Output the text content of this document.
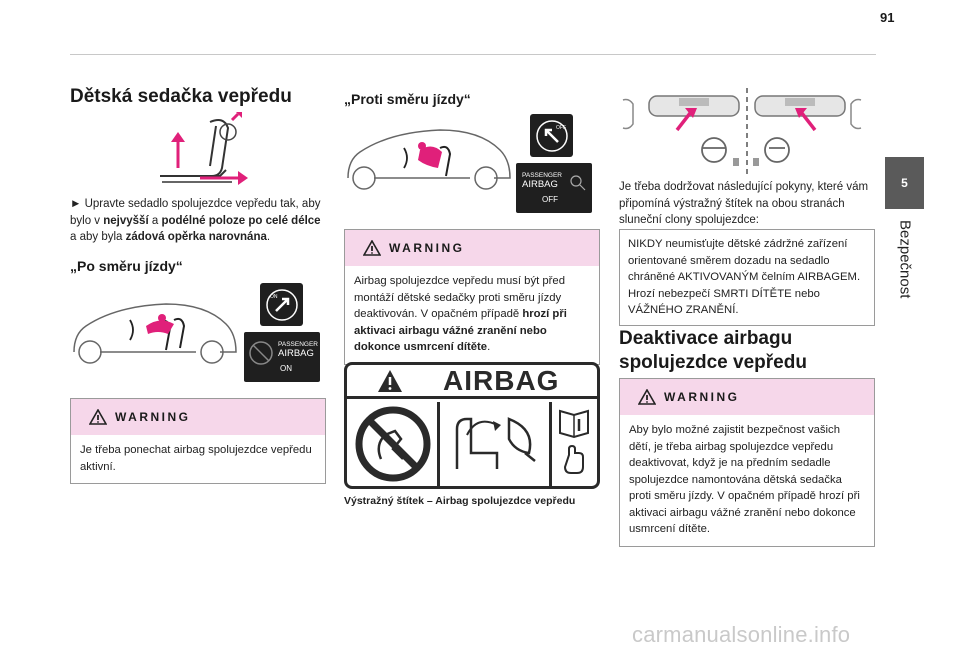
91
5
Bezpečnost
Dětská sedačka vepředu

► Upravte sedadlo spolujezdce vepředu tak, aby bylo v nejvyšší a podélné poloze po celé délce a aby byla zádová opěrka narovnána.

„Po směru jízdy“
ON
PASSENGER
AIRBAG
ON
WARNING
Je třeba ponechat airbag spolujezdce vepředu aktivní.
„Proti směru jízdy“
OFF
PASSENGER
AIRBAG
OFF
WARNING
Airbag spolujezdce vepředu musí být před montáží dětské sedačky proti směru jízdy deaktivován. V opačném případě hrozí při aktivaci airbagu vážné zranění nebo dokonce usmrcení dítěte.
AIRBAG
Výstražný štítek – Airbag spolujezdce vepředu

Je třeba dodržovat následující pokyny, které vám připomíná výstražný štítek na obou stranách sluneční clony spolujezdce:

NIKDY neumisťujte dětské zádržné zařízení orientované směrem dozadu na sedadlo chráněné AKTIVOVANÝM čelním AIRBAGEM. Hrozí nebezpečí SMRTI DÍTĚTE nebo VÁŽNÉHO ZRANĚNÍ.
Deaktivace airbagu spolujezdce vepředu
WARNING
Aby bylo možné zajistit bezpečnost vašich dětí, je třeba airbag spolujezdce vepředu deaktivovat, když je na předním sedadle spolujezdce namontována dětská sedačka proti směru jízdy. V opačném případě hrozí při aktivaci airbagu vážné zranění nebo dokonce usmrcení dítěte.
carmanualsonline.info
